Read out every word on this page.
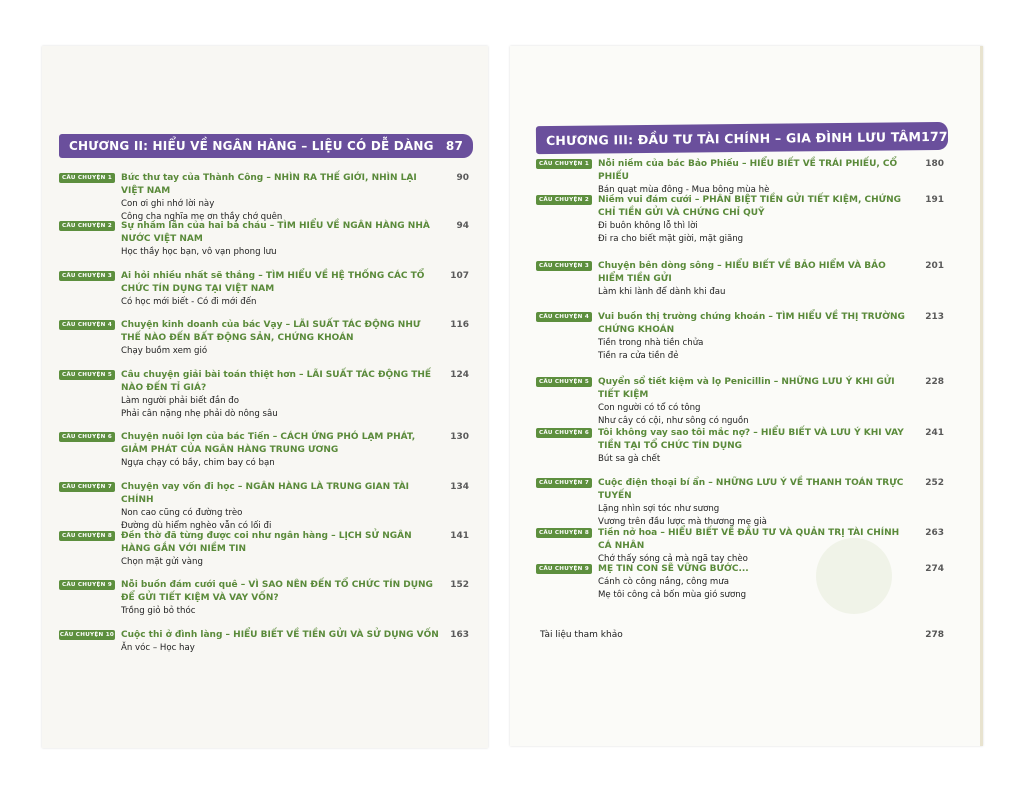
CHƯƠNG II: HIỂU VỀ NGÂN HÀNG – LIỆU CÓ DỄ DÀNG 87
CÂU CHUYỆN 1 Bức thư tay của Thành Công – NHÌN RA THẾ GIỚI, NHÌN LẠI VIỆT NAM
Con ơi ghi nhớ lời này
Công cha nghĩa mẹ ơn thầy chớ quên
90
CÂU CHUYỆN 2 Sự nhầm lẫn của hai bà cháu – TÌM HIỂU VỀ NGÂN HÀNG NHÀ NƯỚC VIỆT NAM
Học thầy học bạn, vô vạn phong lưu
94
CÂU CHUYỆN 3 Ai hỏi nhiều nhất sẽ thắng – TÌM HIỂU VỀ HỆ THỐNG CÁC TỔ CHỨC TÍN DỤNG TẠI VIỆT NAM
Có học mới biết - Có đi mới đến
107
CÂU CHUYỆN 4 Chuyện kinh doanh của bác Vạy – LÃI SUẤT TÁC ĐỘNG NHƯ THẾ NÀO ĐẾN BẤT ĐỘNG SẢN, CHỨNG KHOÁN
Chạy buồm xem gió
116
CÂU CHUYỆN 5 Câu chuyện giải bài toán thiệt hơn – LÃI SUẤT TÁC ĐỘNG THẾ NÀO ĐẾN TỈ GIÁ?
Làm người phải biết đắn đo
Phải cân nặng nhẹ phải dò nông sâu
124
CÂU CHUYỆN 6 Chuyện nuôi lợn của bác Tiến – CÁCH ỨNG PHÓ LẠM PHÁT, GIẢM PHÁT CỦA NGÂN HÀNG TRUNG ƯƠNG
Ngựa chạy có bầy, chim bay có bạn
130
CÂU CHUYỆN 7 Chuyện vay vốn đi học – NGÂN HÀNG LÀ TRUNG GIAN TÀI CHÍNH
Non cao cũng có đường trèo
Đường dù hiểm nghèo vẫn có lối đi
134
CÂU CHUYỆN 8 Đền thờ đã từng được coi như ngân hàng – LỊCH SỬ NGÂN HÀNG GẮN VỚI NIỀM TIN
Chọn mặt gửi vàng
141
CÂU CHUYỆN 9 Nỗi buồn đám cưới quê – VÌ SAO NÊN ĐẾN TỔ CHỨC TÍN DỤNG ĐỂ GỬI TIẾT KIỆM VÀ VAY VỐN?
Trồng giỏ bỏ thóc
152
CÂU CHUYỆN 10 Cuộc thi ở đình làng – HIỂU BIẾT VỀ TIỀN GỬI VÀ SỬ DỤNG VỐN
Ăn vóc – Học hay
163
CHƯƠNG III: ĐẦU TƯ TÀI CHÍNH – GIA ĐÌNH LƯU TÂM 177
CÂU CHUYỆN 1 Nỗi niềm của bác Bảo Phiếu – HIỂU BIẾT VỀ TRÁI PHIẾU, CỔ PHIẾU
Bán quạt mùa đông - Mua bông mùa hè
180
CÂU CHUYỆN 2 Niềm vui đám cưới – PHÂN BIỆT TIỀN GỬI TIẾT KIỆM, CHỨNG CHỈ TIỀN GỬI VÀ CHỨNG CHỈ QUỸ
Đi buôn không lỗ thì lời
Đi ra cho biết mặt giời, mặt giăng
191
CÂU CHUYỆN 3 Chuyện bên dòng sông – HIỂU BIẾT VỀ BẢO HIỂM VÀ BẢO HIỂM TIỀN GỬI
Làm khi lành để dành khi đau
201
CÂU CHUYỆN 4 Vui buồn thị trường chứng khoán – TÌM HIỂU VỀ THỊ TRƯỜNG CHỨNG KHOÁN
Tiền trong nhà tiền chửa
Tiền ra cửa tiền đẻ
213
CÂU CHUYỆN 5 Quyển sổ tiết kiệm và lọ Penicillin – NHỮNG LƯU Ý KHI GỬI TIẾT KIỆM
Con người có tổ có tông
Như cây có cội, như sông có nguồn
228
CÂU CHUYỆN 6 Tôi không vay sao tôi mắc nợ? – HIỂU BIẾT VÀ LƯU Ý KHI VAY TIỀN TẠI TỔ CHỨC TÍN DỤNG
Bút sa gà chết
241
CÂU CHUYỆN 7 Cuộc điện thoại bí ẩn – NHỮNG LƯU Ý VỀ THANH TOÁN TRỰC TUYẾN
Lặng nhìn sợi tóc như sương
Vương trên đầu lược mà thương mẹ già
252
CÂU CHUYỆN 8 Tiền nở hoa – HIỂU BIẾT VỀ ĐẦU TƯ VÀ QUẢN TRỊ TÀI CHÍNH CÁ NHÂN
Chớ thấy sóng cả mà ngã tay chèo
263
CÂU CHUYỆN 9 MẸ TIN CON SẼ VỮNG BƯỚC...
Cánh cò công nắng, công mưa
Mẹ tôi công cả bốn mùa gió sương
274
Tài liệu tham khảo	278
